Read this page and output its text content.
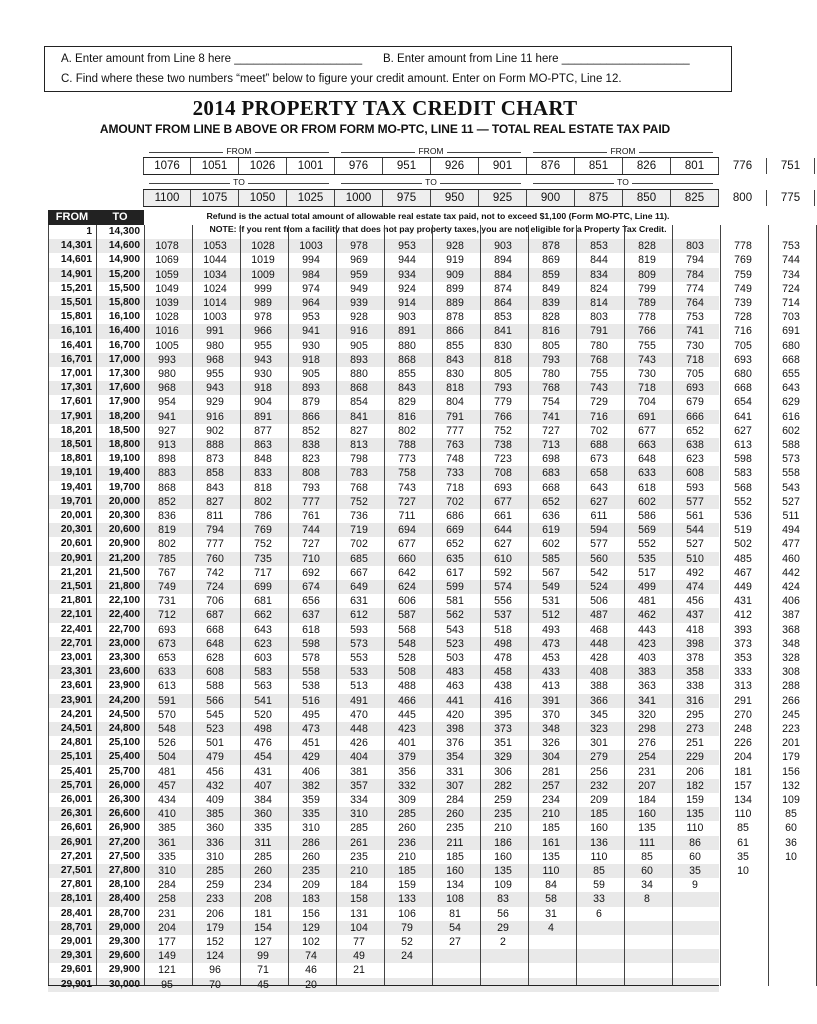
A. Enter amount from Line 8 here ____________________ B. Enter amount from Line 11 here ____________________
C. Find where these two numbers “meet” below to figure your credit amount. Enter on Form MO-PTC, Line 12.
2014 PROPERTY TAX CREDIT CHART
AMOUNT FROM LINE B ABOVE OR FROM FORM MO-PTC, LINE 11 — TOTAL REAL ESTATE TAX PAID
FROM	FROM	FROM
1076	1051	1026	1001	976	951	926	901	876	851	826	801	776	751
TO	TO	TO
1100	1075	1050	1025	1000	975	950	925	900	875	850	825	800	775
FROM	TO	Refund is the actual total amount of allowable real estate tax paid, not to exceed $1,100 (Form MO-PTC, Line 11).
NOTE: If you rent from a facility that does not pay property taxes, you are not eligible for a Property Tax Credit.
1	14,300
14,301	14,600	1078	1053	1028	1003	978	953	928	903	878	853	828	803	778	753
14,601	14,900	1069	1044	1019	994	969	944	919	894	869	844	819	794	769	744
14,901	15,200	1059	1034	1009	984	959	934	909	884	859	834	809	784	759	734
15,201	15,500	1049	1024	999	974	949	924	899	874	849	824	799	774	749	724
15,501	15,800	1039	1014	989	964	939	914	889	864	839	814	789	764	739	714
15,801	16,100	1028	1003	978	953	928	903	878	853	828	803	778	753	728	703
16,101	16,400	1016	991	966	941	916	891	866	841	816	791	766	741	716	691
16,401	16,700	1005	980	955	930	905	880	855	830	805	780	755	730	705	680
16,701	17,000	993	968	943	918	893	868	843	818	793	768	743	718	693	668
17,001	17,300	980	955	930	905	880	855	830	805	780	755	730	705	680	655
17,301	17,600	968	943	918	893	868	843	818	793	768	743	718	693	668	643
17,601	17,900	954	929	904	879	854	829	804	779	754	729	704	679	654	629
17,901	18,200	941	916	891	866	841	816	791	766	741	716	691	666	641	616
18,201	18,500	927	902	877	852	827	802	777	752	727	702	677	652	627	602
18,501	18,800	913	888	863	838	813	788	763	738	713	688	663	638	613	588
18,801	19,100	898	873	848	823	798	773	748	723	698	673	648	623	598	573
19,101	19,400	883	858	833	808	783	758	733	708	683	658	633	608	583	558
19,401	19,700	868	843	818	793	768	743	718	693	668	643	618	593	568	543
19,701	20,000	852	827	802	777	752	727	702	677	652	627	602	577	552	527
20,001	20,300	836	811	786	761	736	711	686	661	636	611	586	561	536	511
20,301	20,600	819	794	769	744	719	694	669	644	619	594	569	544	519	494
20,601	20,900	802	777	752	727	702	677	652	627	602	577	552	527	502	477
20,901	21,200	785	760	735	710	685	660	635	610	585	560	535	510	485	460
21,201	21,500	767	742	717	692	667	642	617	592	567	542	517	492	467	442
21,501	21,800	749	724	699	674	649	624	599	574	549	524	499	474	449	424
21,801	22,100	731	706	681	656	631	606	581	556	531	506	481	456	431	406
22,101	22,400	712	687	662	637	612	587	562	537	512	487	462	437	412	387
22,401	22,700	693	668	643	618	593	568	543	518	493	468	443	418	393	368
22,701	23,000	673	648	623	598	573	548	523	498	473	448	423	398	373	348
23,001	23,300	653	628	603	578	553	528	503	478	453	428	403	378	353	328
23,301	23,600	633	608	583	558	533	508	483	458	433	408	383	358	333	308
23,601	23,900	613	588	563	538	513	488	463	438	413	388	363	338	313	288
23,901	24,200	591	566	541	516	491	466	441	416	391	366	341	316	291	266
24,201	24,500	570	545	520	495	470	445	420	395	370	345	320	295	270	245
24,501	24,800	548	523	498	473	448	423	398	373	348	323	298	273	248	223
24,801	25,100	526	501	476	451	426	401	376	351	326	301	276	251	226	201
25,101	25,400	504	479	454	429	404	379	354	329	304	279	254	229	204	179
25,401	25,700	481	456	431	406	381	356	331	306	281	256	231	206	181	156
25,701	26,000	457	432	407	382	357	332	307	282	257	232	207	182	157	132
26,001	26,300	434	409	384	359	334	309	284	259	234	209	184	159	134	109
26,301	26,600	410	385	360	335	310	285	260	235	210	185	160	135	110	85
26,601	26,900	385	360	335	310	285	260	235	210	185	160	135	110	85	60
26,901	27,200	361	336	311	286	261	236	211	186	161	136	111	86	61	36
27,201	27,500	335	310	285	260	235	210	185	160	135	110	85	60	35	10
27,501	27,800	310	285	260	235	210	185	160	135	110	85	60	35	10
27,801	28,100	284	259	234	209	184	159	134	109	84	59	34	9
28,101	28,400	258	233	208	183	158	133	108	83	58	33	8
28,401	28,700	231	206	181	156	131	106	81	56	31	6
28,701	29,000	204	179	154	129	104	79	54	29	4
29,001	29,300	177	152	127	102	77	52	27	2
29,301	29,600	149	124	99	74	49	24
29,601	29,900	121	96	71	46	21
29,901	30,000	95	70	45	20
